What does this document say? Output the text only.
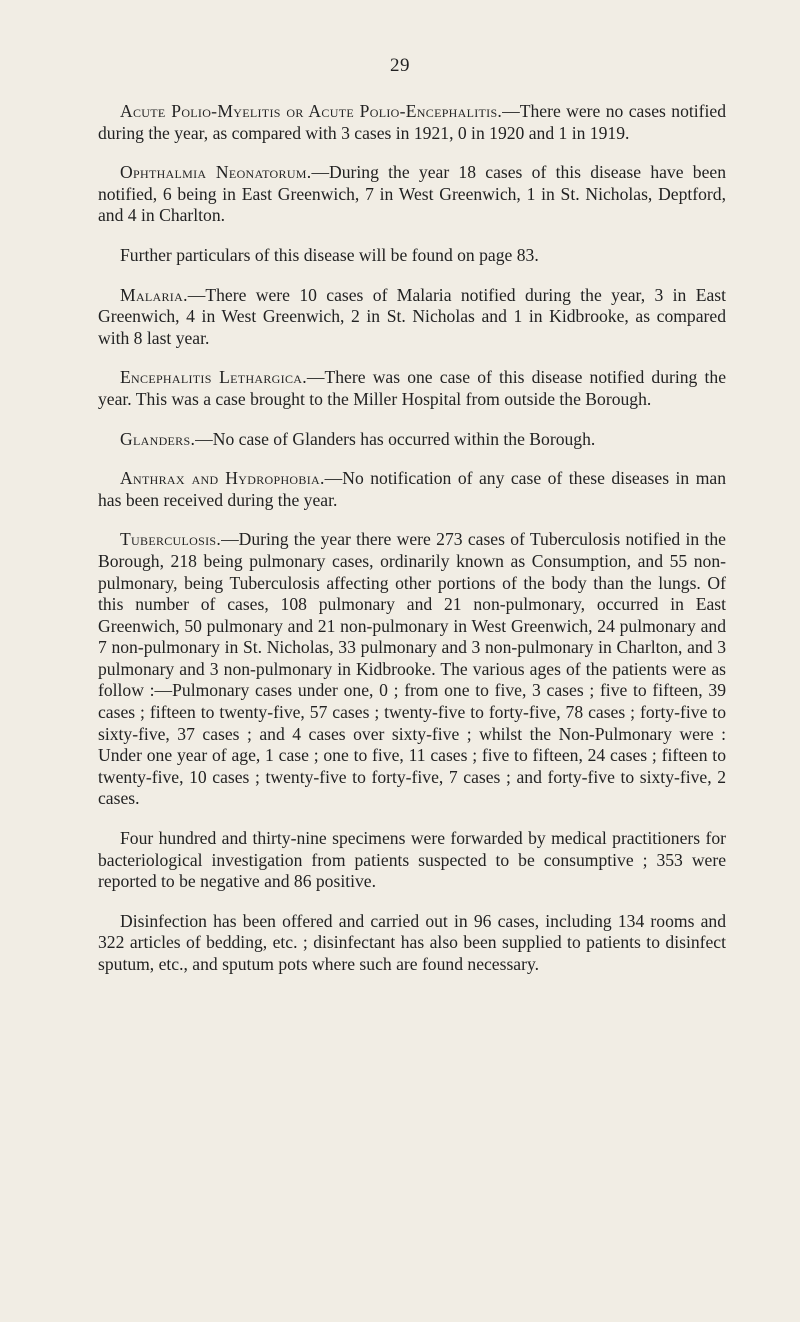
29

Acute Polio-Myelitis or Acute Polio-Encephalitis.—There were no cases notified during the year, as compared with 3 cases in 1921, 0 in 1920 and 1 in 1919.

Ophthalmia Neonatorum.—During the year 18 cases of this disease have been notified, 6 being in East Greenwich, 7 in West Greenwich, 1 in St. Nicholas, Deptford, and 4 in Charlton.

Further particulars of this disease will be found on page 83.

Malaria.—There were 10 cases of Malaria notified during the year, 3 in East Greenwich, 4 in West Greenwich, 2 in St. Nicholas and 1 in Kidbrooke, as compared with 8 last year.

Encephalitis Lethargica.—There was one case of this disease notified during the year. This was a case brought to the Miller Hospital from outside the Borough.

Glanders.—No case of Glanders has occurred within the Borough.

Anthrax and Hydrophobia.—No notification of any case of these diseases in man has been received during the year.

Tuberculosis.—During the year there were 273 cases of Tuberculosis notified in the Borough, 218 being pulmonary cases, ordinarily known as Consumption, and 55 non-pulmonary, being Tuberculosis affecting other portions of the body than the lungs. Of this number of cases, 108 pulmonary and 21 non-pulmonary, occurred in East Greenwich, 50 pulmonary and 21 non-pulmonary in West Greenwich, 24 pulmonary and 7 non-pulmonary in St. Nicholas, 33 pulmonary and 3 non-pulmonary in Charlton, and 3 pulmonary and 3 non-pulmonary in Kidbrooke. The various ages of the patients were as follow :—Pulmonary cases under one, 0 ; from one to five, 3 cases ; five to fifteen, 39 cases ; fifteen to twenty-five, 57 cases ; twenty-five to forty-five, 78 cases ; forty-five to sixty-five, 37 cases ; and 4 cases over sixty-five ; whilst the Non-Pulmonary were : Under one year of age, 1 case ; one to five, 11 cases ; five to fifteen, 24 cases ; fifteen to twenty-five, 10 cases ; twenty-five to forty-five, 7 cases ; and forty-five to sixty-five, 2 cases.

Four hundred and thirty-nine specimens were forwarded by medical practitioners for bacteriological investigation from patients suspected to be consumptive ; 353 were reported to be negative and 86 positive.

Disinfection has been offered and carried out in 96 cases, including 134 rooms and 322 articles of bedding, etc. ; disinfectant has also been supplied to patients to disinfect sputum, etc., and sputum pots where such are found necessary.
